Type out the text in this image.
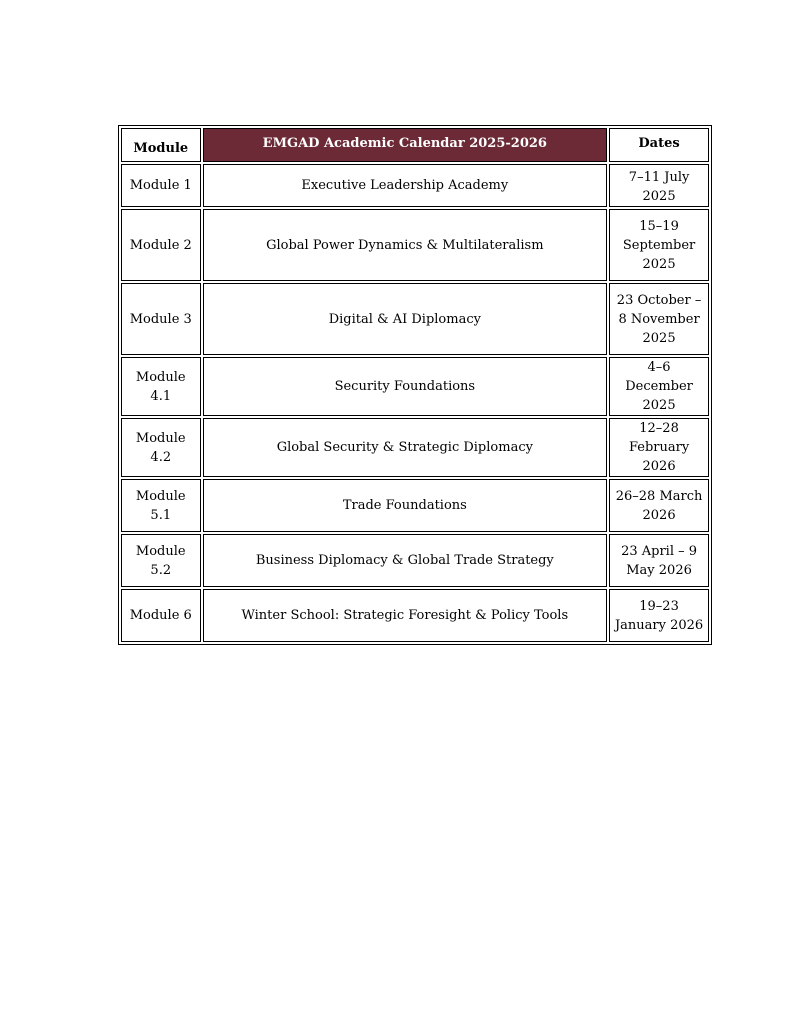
Module	EMGAD Academic Calendar 2025-2026	Dates
Module 1	Executive Leadership Academy	7–11 July 2025
Module 2	Global Power Dynamics & Multilateralism	15–19 September 2025
Module 3	Digital & AI Diplomacy	23 October – 8 November 2025
Module 4.1	Security Foundations	4–6 December 2025
Module 4.2	Global Security & Strategic Diplomacy	12–28 February 2026
Module 5.1	Trade Foundations	26–28 March 2026
Module 5.2	Business Diplomacy & Global Trade Strategy	23 April – 9 May 2026
Module 6	Winter School: Strategic Foresight & Policy Tools	19–23 January 2026
